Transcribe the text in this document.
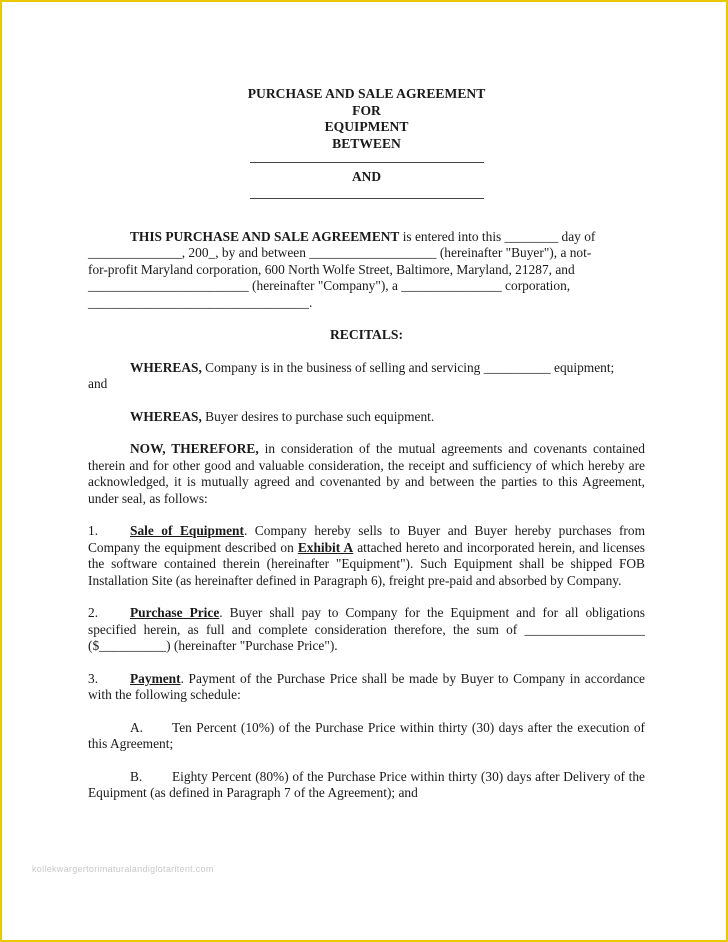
PURCHASE AND SALE AGREEMENT
FOR
EQUIPMENT
BETWEEN
AND

THIS PURCHASE AND SALE AGREEMENT is entered into this ________ day of

______________, 200_, by and between ___________________ (hereinafter "Buyer"), a not-

for-profit Maryland corporation, 600 North Wolfe Street, Baltimore, Maryland, 21287, and

________________________ (hereinafter "Company"), a _______________ corporation,

_________________________________.

RECITALS:

WHEREAS, Company is in the business of selling and servicing __________ equipment;

and

WHEREAS, Buyer desires to purchase such equipment.

NOW, THEREFORE, in consideration of the mutual agreements and covenants contained therein and for other good and valuable consideration, the receipt and sufficiency of which hereby are acknowledged, it is mutually agreed and covenanted by and between the parties to this Agreement, under seal, as follows:

1. Sale of Equipment. Company hereby sells to Buyer and Buyer hereby purchases from Company the equipment described on Exhibit A attached hereto and incorporated herein, and licenses the software contained therein (hereinafter "Equipment"). Such Equipment shall be shipped FOB Installation Site (as hereinafter defined in Paragraph 6), freight pre-paid and absorbed by Company.

2. Purchase Price. Buyer shall pay to Company for the Equipment and for all obligations specified herein, as full and complete consideration therefore, the sum of __________________ ($__________) (hereinafter "Purchase Price").

3. Payment. Payment of the Purchase Price shall be made by Buyer to Company in accordance with the following schedule:

A. Ten Percent (10%) of the Purchase Price within thirty (30) days after the execution of this Agreement;

B. Eighty Percent (80%) of the Purchase Price within thirty (30) days after Delivery of the Equipment (as defined in Paragraph 7 of the Agreement); and

kollekwargertorimaturalandiglotaritent.com
